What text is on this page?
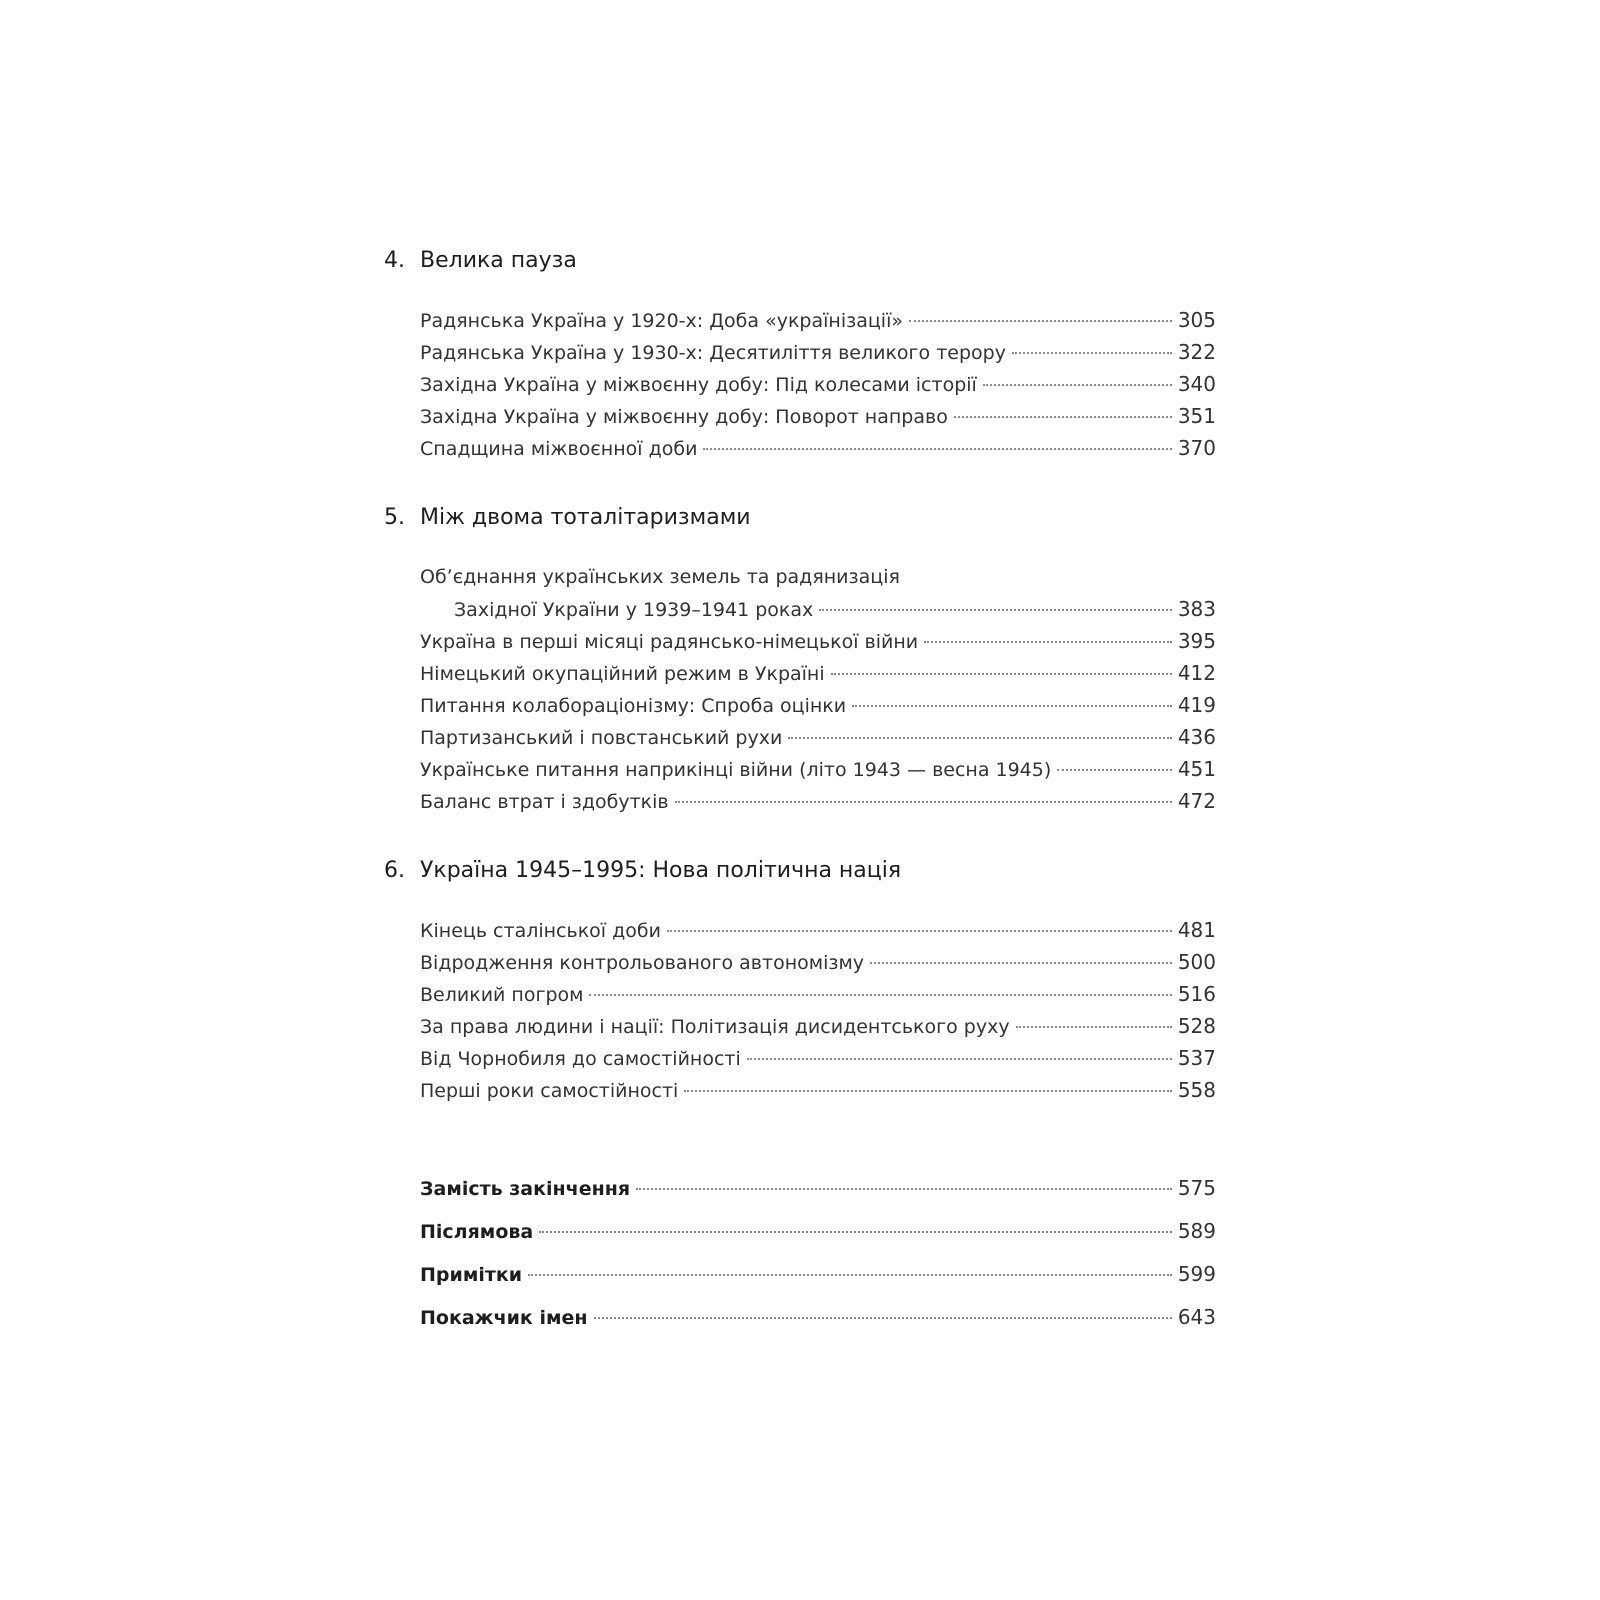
4. Велика пауза
Радянська Україна у 1920-х: Доба «українізації»	305
Радянська Україна у 1930-х: Десятиліття великого терору	322
Західна Україна у міжвоєнну добу: Під колесами історії	340
Західна Україна у міжвоєнну добу: Поворот направо	351
Спадщина міжвоєнної доби	370
5. Між двома тоталітаризмами
Об’єднання українських земель та радянизація
Західної України у 1939–1941 роках	383
Україна в перші місяці радянсько-німецької війни	395
Німецький окупаційний режим в Україні	412
Питання колабораціонізму: Спроба оцінки	419
Партизанський і повстанський рухи	436
Українське питання наприкінці війни (літо 1943 — весна 1945)	451
Баланс втрат і здобутків	472
6. Україна 1945–1995: Нова політична нація
Кінець сталінської доби	481
Відродження контрольованого автономізму	500
Великий погром	516
За права людини і нації: Політизація дисидентського руху	528
Від Чорнобиля до самостійності	537
Перші роки самостійності	558
Замість закінчення	575
Післямова	589
Примітки	599
Покажчик імен	643
